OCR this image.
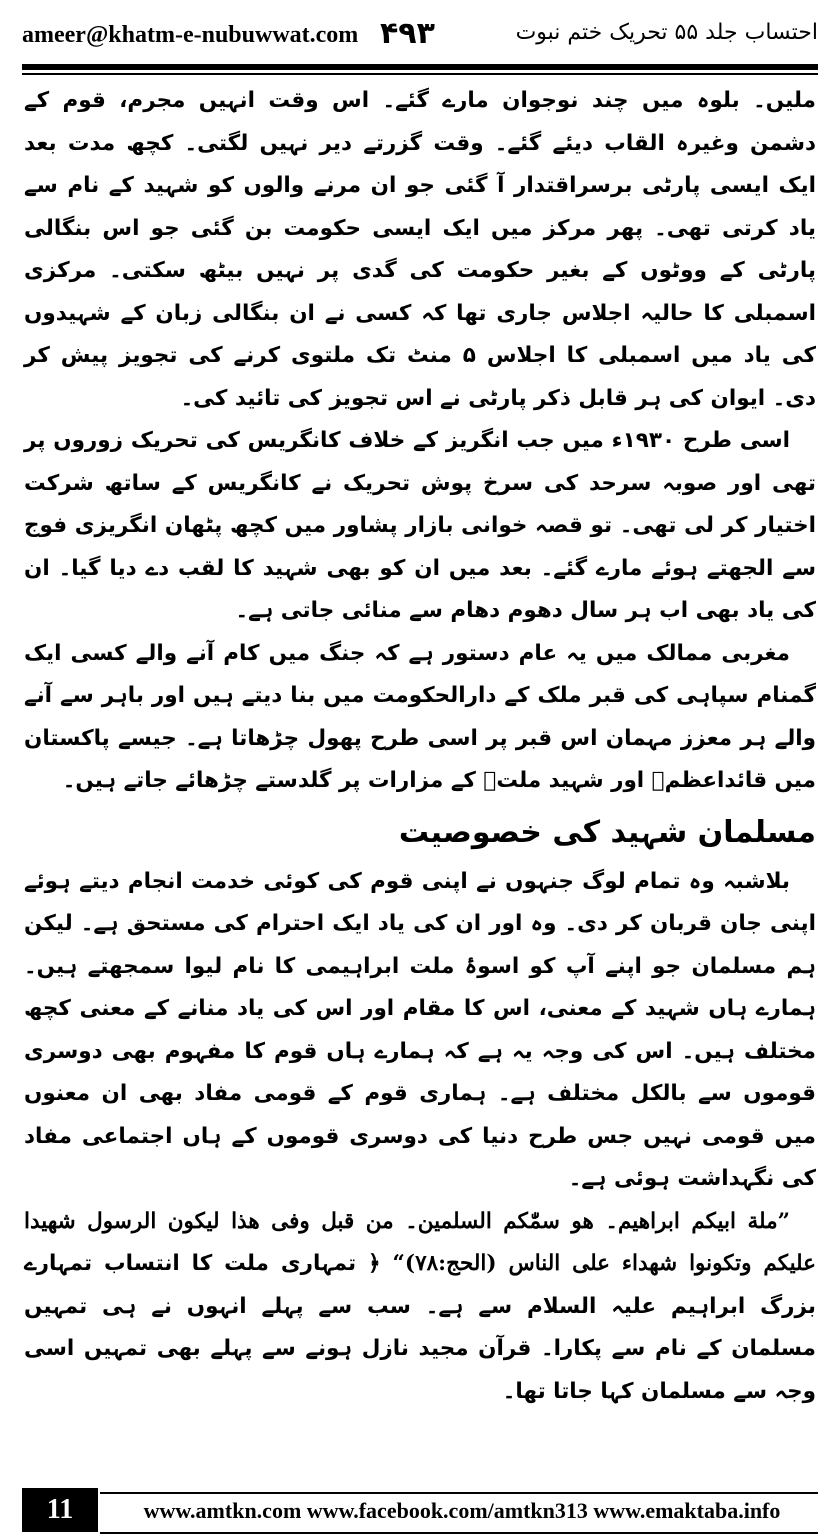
ameer@khatm-e-nubuwwat.com ۴۹۳	احتساب جلد ۵۵ تحریک ختم نبوت

ملیں۔ بلوہ میں چند نوجوان مارے گئے۔ اس وقت انہیں مجرم، قوم کے دشمن وغیرہ القاب دیئے گئے۔ وقت گزرتے دیر نہیں لگتی۔ کچھ مدت بعد ایک ایسی پارٹی برسراقتدار آ گئی جو ان مرنے والوں کو شہید کے نام سے یاد کرتی تھی۔ پھر مرکز میں ایک ایسی حکومت بن گئی جو اس بنگالی پارٹی کے ووٹوں کے بغیر حکومت کی گدی پر نہیں بیٹھ سکتی۔ مرکزی اسمبلی کا حالیہ اجلاس جاری تھا کہ کسی نے ان بنگالی زبان کے شہیدوں کی یاد میں اسمبلی کا اجلاس ۵ منٹ تک ملتوی کرنے کی تجویز پیش کر دی۔ ایوان کی ہر قابل ذکر پارٹی نے اس تجویز کی تائید کی۔

اسی طرح ۱۹۳۰ء میں جب انگریز کے خلاف کانگریس کی تحریک زوروں پر تھی اور صوبہ سرحد کی سرخ پوش تحریک نے کانگریس کے ساتھ شرکت اختیار کر لی تھی۔ تو قصہ خوانی بازار پشاور میں کچھ پٹھان انگریزی فوج سے الجھتے ہوئے مارے گئے۔ بعد میں ان کو بھی شہید کا لقب دے دیا گیا۔ ان کی یاد بھی اب ہر سال دھوم دھام سے منائی جاتی ہے۔

مغربی ممالک میں یہ عام دستور ہے کہ جنگ میں کام آنے والے کسی ایک گمنام سپاہی کی قبر ملک کے دارالحکومت میں بنا دیتے ہیں اور باہر سے آنے والے ہر معزز مہمان اس قبر پر اسی طرح پھول چڑھاتا ہے۔ جیسے پاکستان میں قائداعظمؒ اور شہید ملتؒ کے مزارات پر گلدستے چڑھائے جاتے ہیں۔

مسلمان شہید کی خصوصیت

بلاشبہ وہ تمام لوگ جنہوں نے اپنی قوم کی کوئی خدمت انجام دیتے ہوئے اپنی جان قربان کر دی۔ وہ اور ان کی یاد ایک احترام کی مستحق ہے۔ لیکن ہم مسلمان جو اپنے آپ کو اسوۂ ملت ابراہیمی کا نام لیوا سمجھتے ہیں۔ ہمارے ہاں شہید کے معنی، اس کا مقام اور اس کی یاد منانے کے معنی کچھ مختلف ہیں۔ اس کی وجہ یہ ہے کہ ہمارے ہاں قوم کا مفہوم بھی دوسری قوموں سے بالکل مختلف ہے۔ ہماری قوم کے قومی مفاد بھی ان معنوں میں قومی نہیں جس طرح دنیا کی دوسری قوموں کے ہاں اجتماعی مفاد کی نگہداشت ہوئی ہے۔

”ملة ابیکم ابراهیم۔ هو سمّٰکم السلمین۔ من قبل وفی هذا لیکون الرسول شهیدا علیکم وتکونوا شهداء علی الناس (الحج:۷۸)“ ﴿ تمہاری ملت کا انتساب تمہارے بزرگ ابراہیم علیہ السلام سے ہے۔ سب سے پہلے انہوں نے ہی تمہیں مسلمان کے نام سے پکارا۔ قرآن مجید نازل ہونے سے پہلے بھی تمہیں اسی وجہ سے مسلمان کہا جاتا تھا۔

11	www.amtkn.com www.facebook.com/amtkn313 www.emaktaba.info
